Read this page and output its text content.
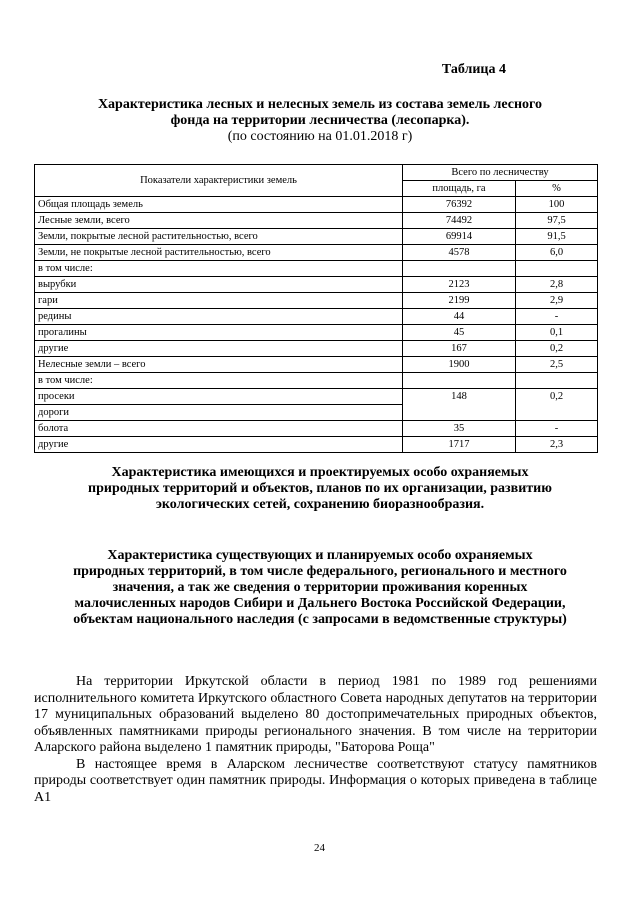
Таблица 4
Характеристика лесных и нелесных земель из состава земель лесного
фонда на территории лесничества (лесопарка).
(по состоянию на 01.01.2018 г)
Показатели характеристики земель	Всего по лесничеству	
	площадь, га	%
Общая площадь земель	76392	100
Лесные земли, всего	74492	97,5
Земли, покрытые лесной растительностью, всего	69914	91,5
Земли, не покрытые лесной растительностью, всего	4578	6,0
в том числе:		
вырубки	2123	2,8
гари	2199	2,9
редины	44	-
прогалины	45	0,1
другие	167	0,2
Нелесные земли – всего	1900	2,5
в том числе:		
просеки	148	0,2
дороги		
болота	35	-
другие	1717	2,3
Характеристика имеющихся и проектируемых особо охраняемых
природных территорий и объектов, планов по их организации, развитию
экологических сетей, сохранению биоразнообразия.
Характеристика существующих и планируемых особо охраняемых
природных территорий, в том числе федерального, регионального и местного
значения, а так же сведения о территории проживания коренных
малочисленных народов Сибири и Дальнего Востока Российской Федерации,
объектам национального наследия (с запросами в ведомственные структуры)

На территории Иркутской области в период 1981 по 1989 год решениями исполнительного комитета Иркутского областного Совета народных депутатов на территории 17 муниципальных образований выделено 80 достопримечательных природных объектов, объявленных памятниками природы регионального значения. В том числе на территории Аларского района выделено 1 памятник природы, "Баторова Роща"

В настоящее время в Аларском лесничестве соответствуют статусу памятников природы соответствует один памятник природы. Информация о которых приведена в таблице А1

24
